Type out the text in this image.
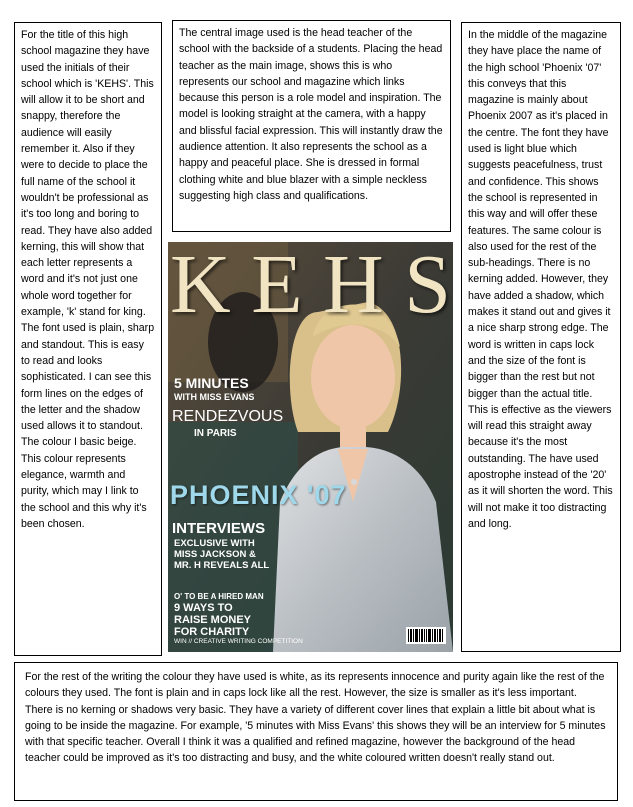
For the title of this high school magazine they have used the initials of their school which is 'KEHS'. This will allow it to be short and snappy, therefore the audience will easily remember it. Also if they were to decide to place the full name of the school it wouldn't be professional as it's too long and boring to read. They have also added kerning, this will show that each letter represents a word and it's not just one whole word together for example, 'k' stand for king. The font used is plain, sharp and standout. This is easy to read and looks sophisticated. I can see this form lines on the edges of the letter and the shadow used allows it to standout. The colour I basic beige. This colour represents elegance, warmth and purity, which may I link to the school and this why it's been chosen.
The central image used is the head teacher of the school with the backside of a students. Placing the head teacher as the main image, shows this is who represents our school and magazine which links because this person is a role model and inspiration. The model is looking straight at the camera, with a happy and blissful facial expression. This will instantly draw the audience attention. It also represents the school as a happy and peaceful place. She is dressed in formal clothing white and blue blazer with a simple neckless suggesting high class and qualifications.
In the middle of the magazine they have place the name of the high school 'Phoenix '07' this conveys that this magazine is mainly about Phoenix 2007 as it's placed in the centre. The font they have used is light blue which suggests peacefulness, trust and confidence. This shows the school is represented in this way and will offer these features. The same colour is also used for the rest of the sub-headings. There is no kerning added. However, they have added a shadow, which makes it stand out and gives it a nice sharp strong edge. The word is written in caps lock and the size of the font is bigger than the rest but not bigger than the actual title. This is effective as the viewers will read this straight away because it's the most outstanding. The have used apostrophe instead of the '20' as it will shorten the word. This will not make it too distracting and long.
K E H S
5 MINUTES
WITH MISS EVANS
RENDEZVOUS
IN PARIS
PHOENIX '07
INTERVIEWS
EXCLUSIVE WITH
MISS JACKSON &
MR. H REVEALS ALL
O' TO BE A HIRED MAN
9 WAYS TO
RAISE MONEY
FOR CHARITY
WIN // CREATIVE WRITING COMPETITION
For the rest of the writing the colour they have used is white, as its represents innocence and purity again like the rest of the colours they used. The font is plain and in caps lock like all the rest. However, the size is smaller as it's less important. There is no kerning or shadows very basic. They have a variety of different cover lines that explain a little bit about what is going to be inside the magazine. For example, '5 minutes with Miss Evans' this shows they will be an interview for 5 minutes with that specific teacher. Overall I think it was a qualified and refined magazine, however the background of the head teacher could be improved as it's too distracting and busy, and the white coloured written doesn't really stand out.
